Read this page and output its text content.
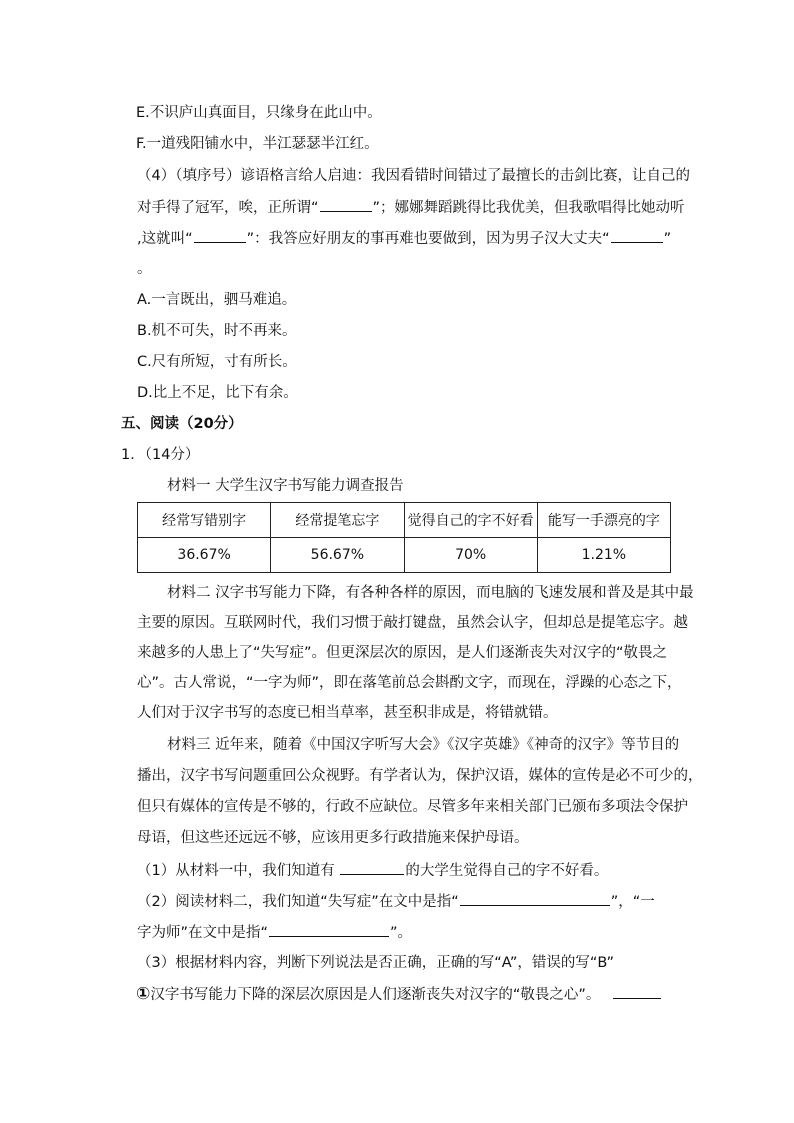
E.不识庐山真面目，只缘身在此山中。
F.一道残阳铺水中，半江瑟瑟半江红。
（4）（填序号）谚语格言给人启迪：我因看错时间错过了最擅长的击剑比赛，让自己的
对手得了冠军，唉，正所谓“	”；娜娜舞蹈跳得比我优美，但我歌唱得比她动听
,这就叫“	”：我答应好朋友的事再难也要做到，因为男子汉大丈夫“	”
。
A.一言既出，驷马难追。
B.机不可失，时不再来。
C.尺有所短，寸有所长。
D.比上不足，比下有余。
五、阅读（20分）
1．（14分）
材料一 大学生汉字书写能力调查报告
经常写错别字	经常提笔忘字	觉得自己的字不好看	能写一手漂亮的字
36.67%	56.67%	70%	1.21%
材料二 汉字书写能力下降，有各种各样的原因，而电脑的飞速发展和普及是其中最
主要的原因。互联网时代，我们习惯于敲打键盘，虽然会认字，但却总是提笔忘字。越
来越多的人患上了“失写症”。但更深层次的原因，是人们逐渐丧失对汉字的“敬畏之
心”。古人常说，“一字为师”，即在落笔前总会斟酌文字，而现在，浮躁的心态之下，
人们对于汉字书写的态度已相当草率，甚至积非成是，将错就错。
材料三 近年来，随着《中国汉字听写大会》《汉字英雄》《神奇的汉字》等节目的
播出，汉字书写问题重回公众视野。有学者认为，保护汉语，媒体的宣传是必不可少的，
但只有媒体的宣传是不够的，行政不应缺位。尽管多年来相关部门已颁布多项法令保护
母语，但这些还远远不够，应该用更多行政措施来保护母语。
（1）从材料一中，我们知道有	的大学生觉得自己的字不好看。
（2）阅读材料二，我们知道“失写症”在文中是指“	”，“一
字为师”在文中是指“	”。
（3）根据材料内容，判断下列说法是否正确，正确的写“A”，错误的写“B”
①汉字书写能力下降的深层次原因是人们逐渐丧失对汉字的“敬畏之心”。
